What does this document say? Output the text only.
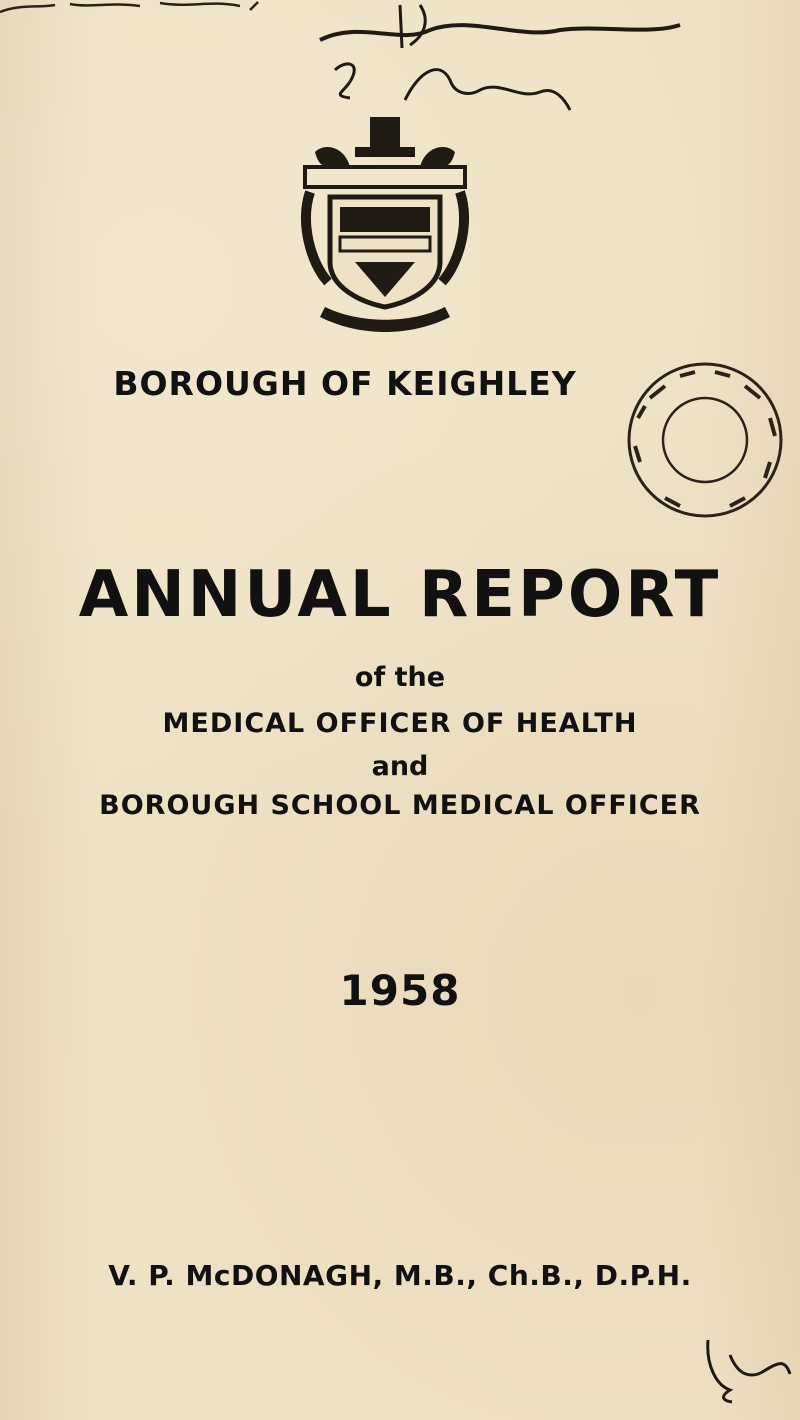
BOROUGH OF KEIGHLEY
ANNUAL REPORT
of the
MEDICAL OFFICER OF HEALTH
and
BOROUGH SCHOOL MEDICAL OFFICER
1958
V. P. McDONAGH, M.B., Ch.B., D.P.H.
